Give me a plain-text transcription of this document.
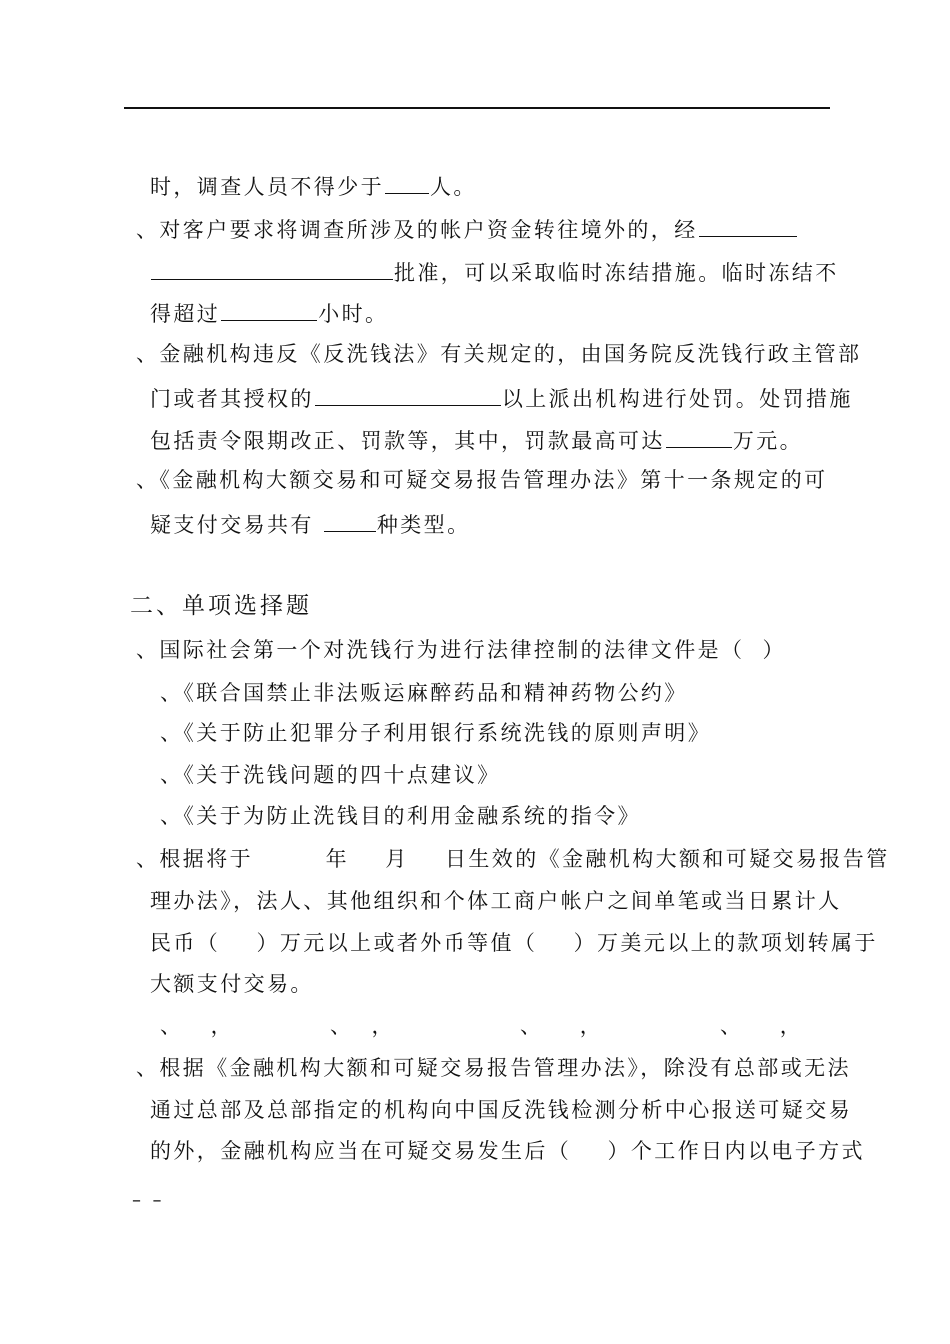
时，调查人员不得少于 人。
、对客户要求将调查所涉及的帐户资金转往境外的，经
批准，可以采取临时冻结措施。临时冻结不
得超过	小时。
、金融机构违反《反洗钱法》有关规定的，由国务院反洗钱行政主管部
门或者其授权的	以上派出机构进行处罚。处罚措施
包括责令限期改正、罚款等，其中，罚款最高可达	万元。
、《金融机构大额交易和可疑交易报告管理办法》第十一条规定的可
疑支付交易共有	种类型。
二、单项选择题
、国际社会第一个对洗钱行为进行法律控制的法律文件是（  ）
、《联合国禁止非法贩运麻醉药品和精神药物公约》
、《关于防止犯罪分子利用银行系统洗钱的原则声明》
、《关于洗钱问题的四十点建议》
、《关于为防止洗钱目的利用金融系统的指令》
、根据将于        年    月    日生效的《金融机构大额和可疑交易报告管
理办法》，法人、其他组织和个体工商户帐户之间单笔或当日累计人
民币（    ）万元以上或者外币等值（    ）万美元以上的款项划转属于
大额支付交易。
、   ，	、  ，	、    ，	、    ，
、根据《金融机构大额和可疑交易报告管理办法》，除没有总部或无法
通过总部及总部指定的机构向中国反洗钱检测分析中心报送可疑交易
的外，金融机构应当在可疑交易发生后（    ）个工作日内以电子方式
–  –
